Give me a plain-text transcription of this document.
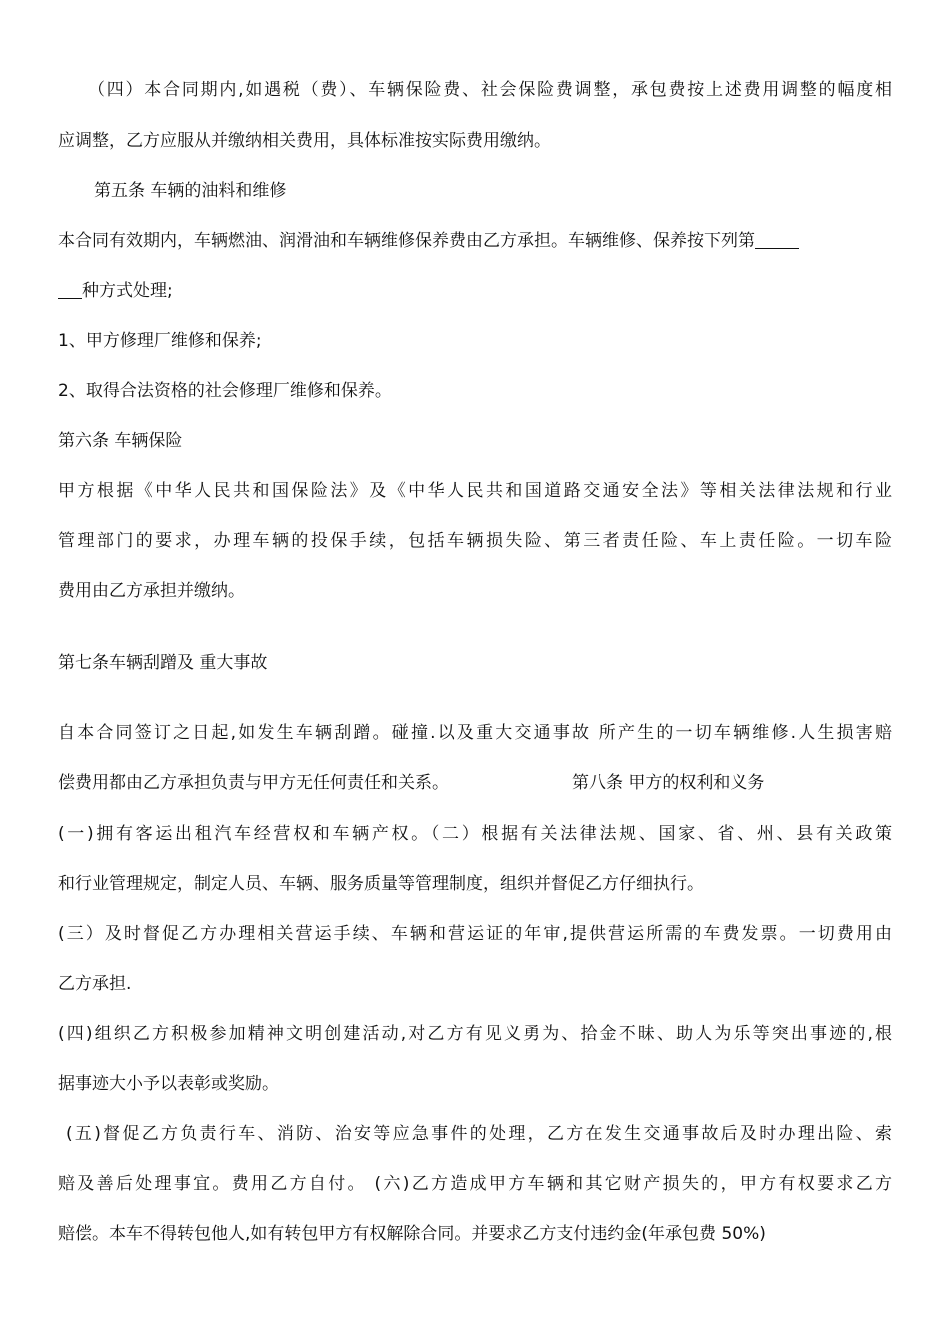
（四）本合同期内,如遇税（费）、车辆保险费、社会保险费调整，承包费按上述费用调整的幅度相
应调整，乙方应服从并缴纳相关费用，具体标准按实际费用缴纳。
第五条 车辆的油料和维修
本合同有效期内，车辆燃油、润滑油和车辆维修保养费由乙方承担。车辆维修、保养按下列第
种方式处理;
1、甲方修理厂维修和保养;
2、取得合法资格的社会修理厂维修和保养。
第六条 车辆保险
甲方根据《中华人民共和国保险法》及《中华人民共和国道路交通安全法》等相关法律法规和行业
管理部门的要求，办理车辆的投保手续，包括车辆损失险、第三者责任险、车上责任险。一切车险
费用由乙方承担并缴纳。
第七条车辆刮蹭及 重大事故
自本合同签订之日起,如发生车辆刮蹭。碰撞.以及重大交通事故 所产生的一切车辆维修.人生损害赔
偿费用都由乙方承担负责与甲方无任何责任和关系。	第八条 甲方的权利和义务
(一)拥有客运出租汽车经营权和车辆产权。（二）根据有关法律法规、国家、省、州、县有关政策
和行业管理规定，制定人员、车辆、服务质量等管理制度，组织并督促乙方仔细执行。
(三）及时督促乙方办理相关营运手续、车辆和营运证的年审,提供营运所需的车费发票。一切费用由
乙方承担.
(四)组织乙方积极参加精神文明创建活动,对乙方有见义勇为、拾金不昧、助人为乐等突出事迹的,根
据事迹大小予以表彰或奖励。
(五)督促乙方负责行车、消防、治安等应急事件的处理，乙方在发生交通事故后及时办理出险、索
赔及善后处理事宜。费用乙方自付。 (六)乙方造成甲方车辆和其它财产损失的，甲方有权要求乙方
赔偿。本车不得转包他人,如有转包甲方有权解除合同。并要求乙方支付违约金(年承包费 50%)
